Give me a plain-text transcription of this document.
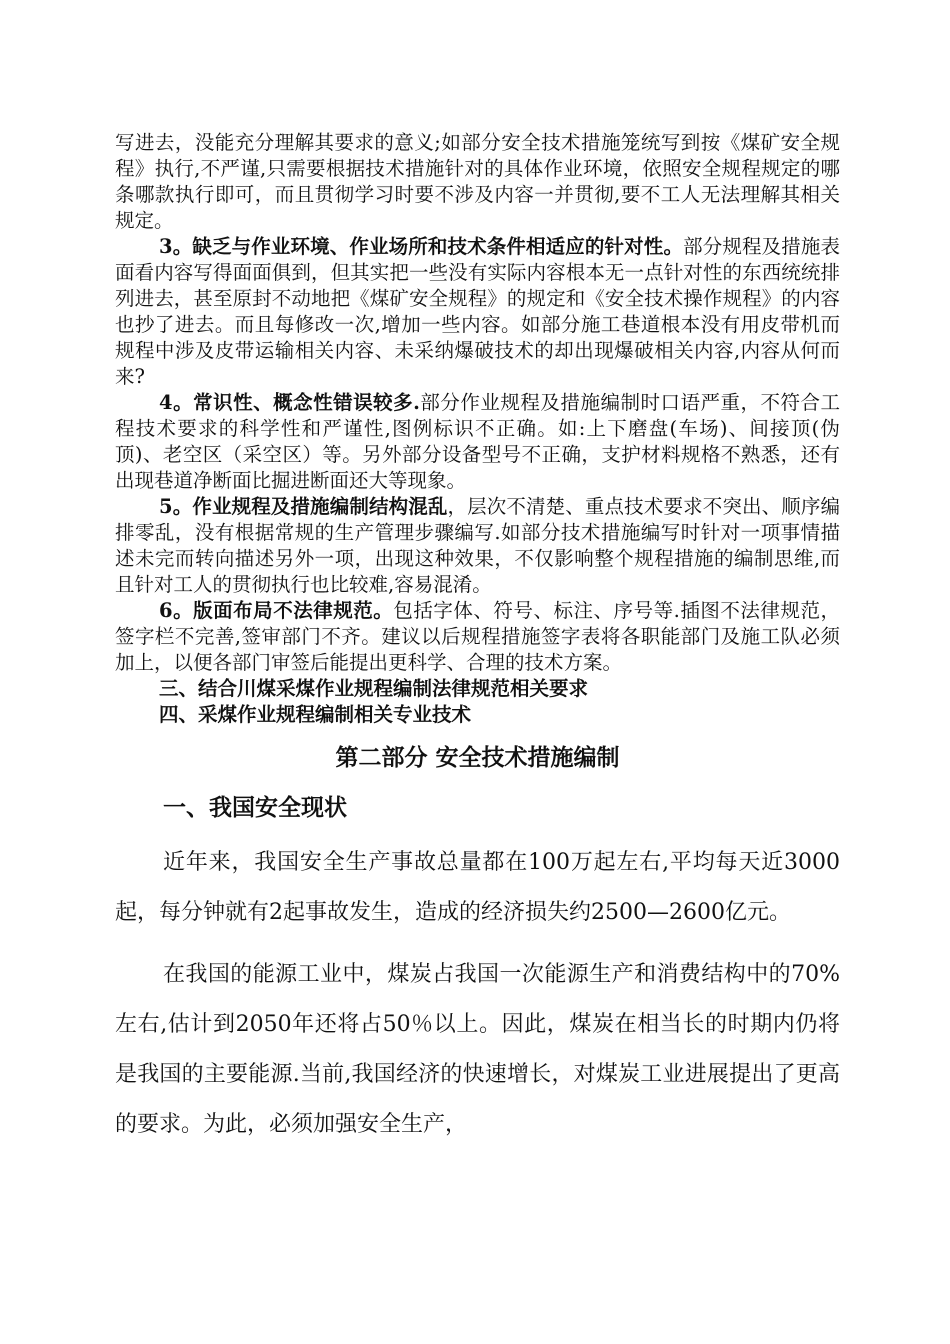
写进去，没能充分理解其要求的意义;如部分安全技术措施笼统写到按《煤矿安全规程》执行,不严谨,只需要根据技术措施针对的具体作业环境，依照安全规程规定的哪条哪款执行即可，而且贯彻学习时要不涉及内容一并贯彻,要不工人无法理解其相关规定。

3。缺乏与作业环境、作业场所和技术条件相适应的针对性。部分规程及措施表面看内容写得面面俱到，但其实把一些没有实际内容根本无一点针对性的东西统统排列进去，甚至原封不动地把《煤矿安全规程》的规定和《安全技术操作规程》的内容也抄了进去。而且每修改一次,增加一些内容。如部分施工巷道根本没有用皮带机而规程中涉及皮带运输相关内容、未采纳爆破技术的却出现爆破相关内容,内容从何而来?

4。常识性、概念性错误较多.部分作业规程及措施编制时口语严重，不符合工程技术要求的科学性和严谨性,图例标识不正确。如:上下磨盘(车场)、间接顶(伪顶)、老空区（采空区）等。另外部分设备型号不正确，支护材料规格不熟悉，还有出现巷道净断面比掘进断面还大等现象。

5。作业规程及措施编制结构混乱，层次不清楚、重点技术要求不突出、顺序编排零乱，没有根据常规的生产管理步骤编写.如部分技术措施编写时针对一项事情描述未完而转向描述另外一项，出现这种效果，不仅影响整个规程措施的编制思维,而且针对工人的贯彻执行也比较难,容易混淆。

6。版面布局不法律规范。包括字体、符号、标注、序号等.插图不法律规范，签字栏不完善,签审部门不齐。建议以后规程措施签字表将各职能部门及施工队必须加上，以便各部门审签后能提出更科学、合理的技术方案。

三、结合川煤采煤作业规程编制法律规范相关要求

四、采煤作业规程编制相关专业技术

第二部分 安全技术措施编制

一、我国安全现状

近年来，我国安全生产事故总量都在100万起左右,平均每天近3000起，每分钟就有2起事故发生，造成的经济损失约2500—2600亿元。

在我国的能源工业中，煤炭占我国一次能源生产和消费结构中的70%左右,估计到2050年还将占50％以上。因此，煤炭在相当长的时期内仍将是我国的主要能源.当前,我国经济的快速增长，对煤炭工业进展提出了更高的要求。为此，必须加强安全生产，
